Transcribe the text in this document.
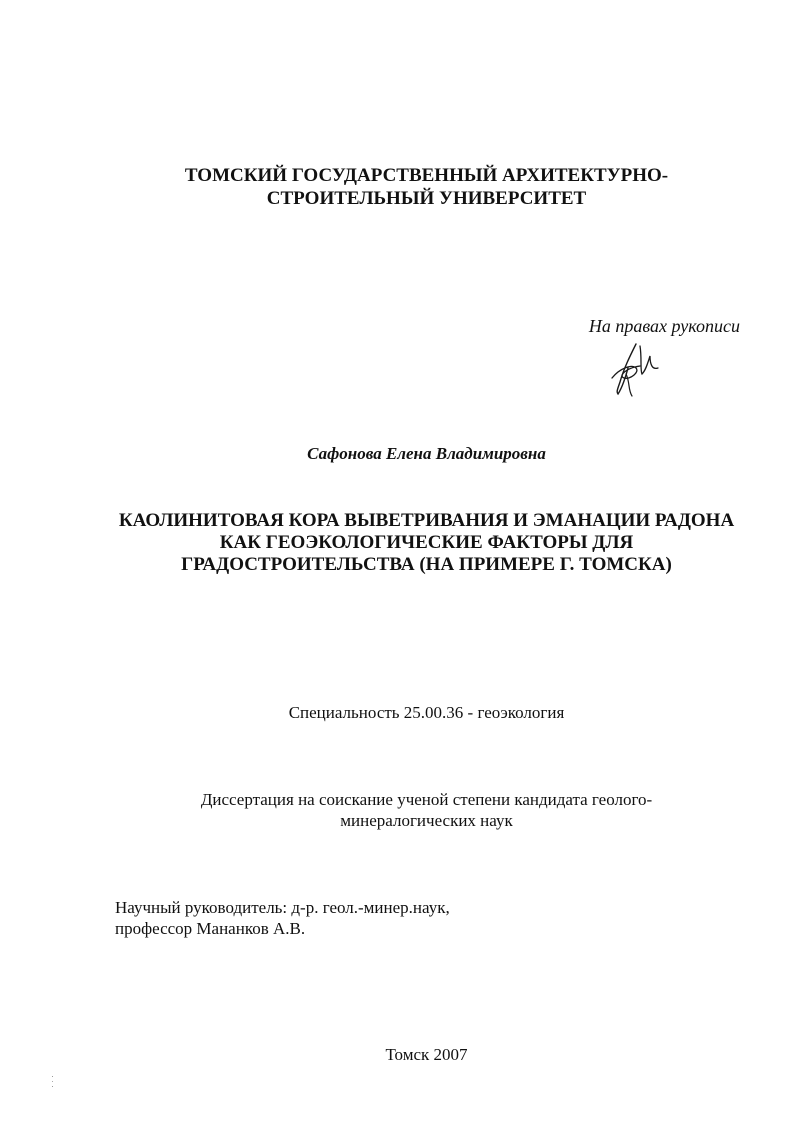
ТОМСКИЙ ГОСУДАРСТВЕННЫЙ АРХИТЕКТУРНО-
СТРОИТЕЛЬНЫЙ УНИВЕРСИТЕТ
На правах рукописи
Сафонова Елена Владимировна
КАОЛИНИТОВАЯ КОРА ВЫВЕТРИВАНИЯ И ЭМАНАЦИИ РАДОНА
КАК ГЕОЭКОЛОГИЧЕСКИЕ ФАКТОРЫ ДЛЯ
ГРАДОСТРОИТЕЛЬСТВА (НА ПРИМЕРЕ Г. ТОМСКА)
Специальность 25.00.36 - геоэкология
Диссертация на соискание ученой степени кандидата геолого-
минералогических наук
Научный руководитель: д-р. геол.-минер.наук,
профессор Мананков А.В.
Томск 2007
